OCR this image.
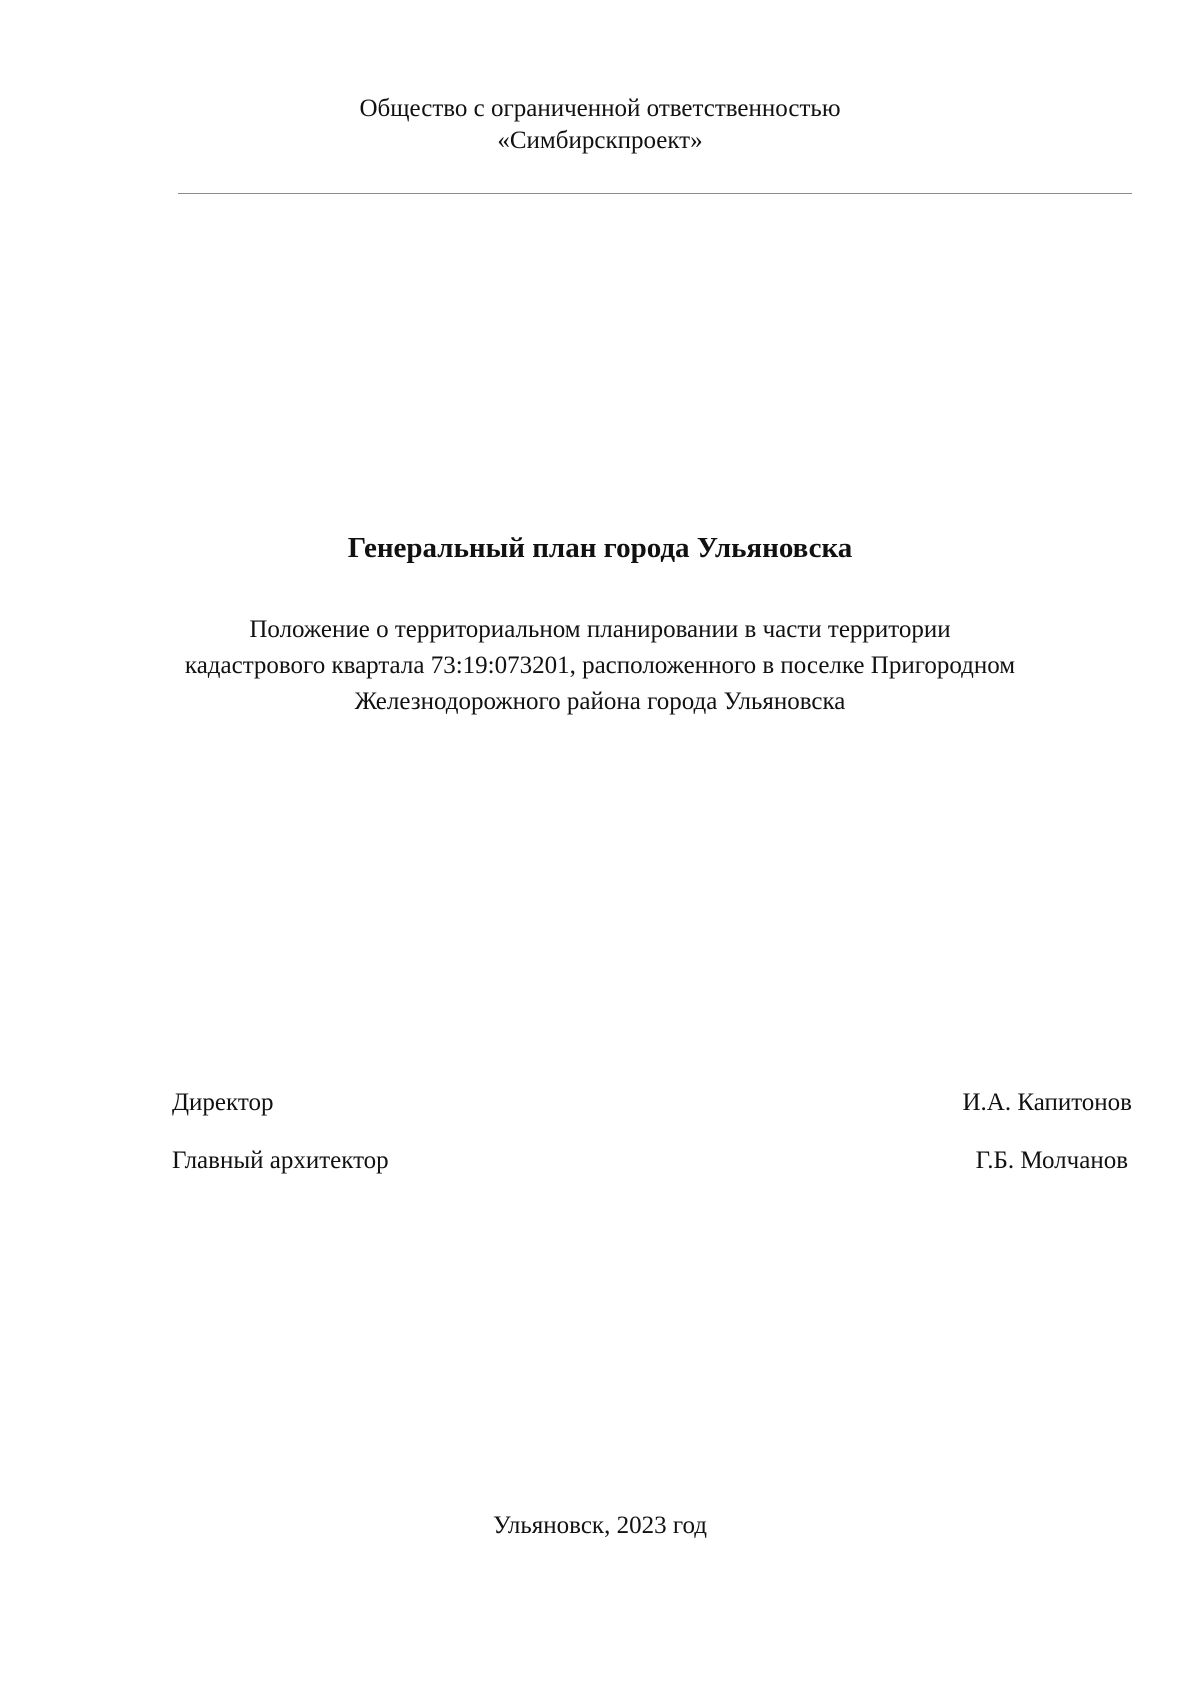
Общество с ограниченной ответственностью
«Симбирскпроект»
Генеральный план города Ульяновска
Положение о территориальном планировании в части территории
кадастрового квартала 73:19:073201, расположенного в поселке Пригородном
Железнодорожного района города Ульяновска
Директор	И.А. Капитонов
Главный архитектор	Г.Б. Молчанов
Ульяновск, 2023 год
